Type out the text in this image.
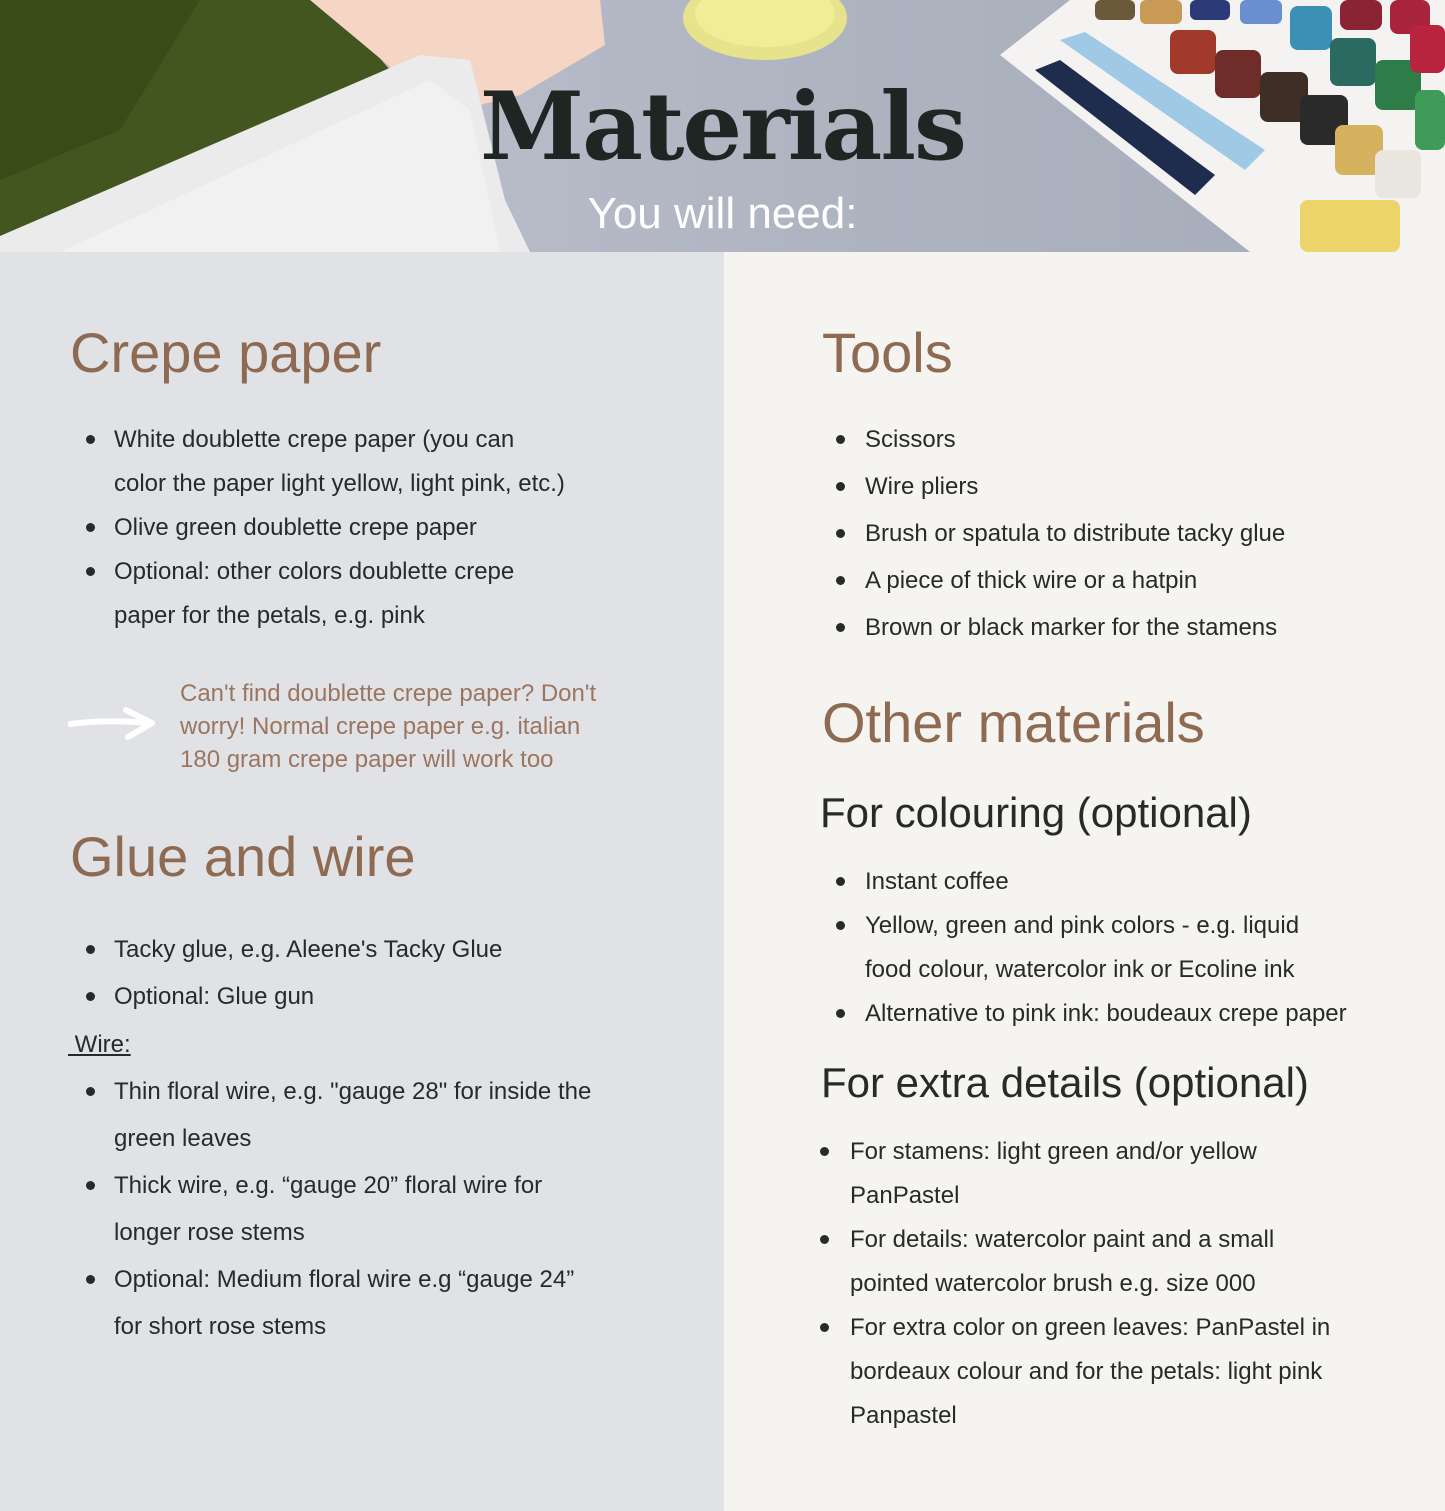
Materials

You will need:

Crepe paper
White doublette crepe paper (you can
color the paper light yellow, light pink, etc.)
Olive green doublette crepe paper
Optional: other colors doublette crepe
paper for the petals, e.g. pink

Can't find doublette crepe paper? Don't
worry! Normal crepe paper e.g. italian
180 gram crepe paper will work too

Glue and wire
Tacky glue, e.g. Aleene's Tacky Glue
Optional: Glue gun

Wire:

Thin floral wire, e.g. "gauge 28" for inside the
green leaves
Thick wire, e.g. “gauge 20” floral wire for
longer rose stems
Optional: Medium floral wire e.g “gauge 24”
for short rose stems
Tools
Scissors
Wire pliers
Brush or spatula to distribute tacky glue
A piece of thick wire or a hatpin
Brown or black marker for the stamens
Other materials
For colouring (optional)
Instant coffee
Yellow, green and pink colors - e.g. liquid
food colour, watercolor ink or Ecoline ink
Alternative to pink ink: boudeaux crepe paper
For extra details (optional)
For stamens: light green and/or yellow
PanPastel
For details: watercolor paint and a small
pointed watercolor brush e.g. size 000
For extra color on green leaves: PanPastel in
bordeaux colour and for the petals: light pink
Panpastel
